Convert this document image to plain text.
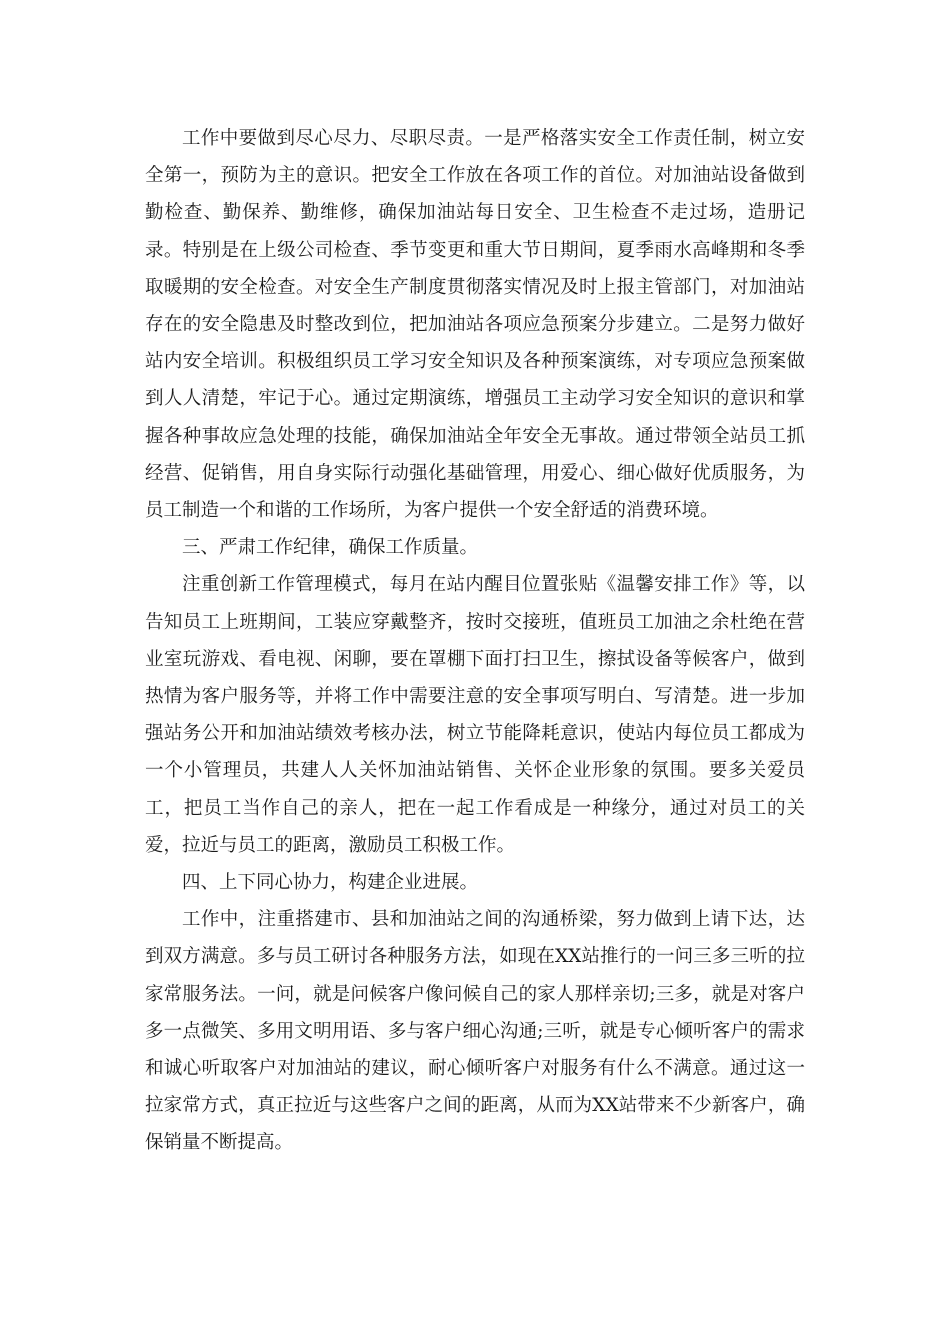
工作中要做到尽心尽力、尽职尽责。一是严格落实安全工作责任制，树立安全第一，预防为主的意识。把安全工作放在各项工作的首位。对加油站设备做到勤检查、勤保养、勤维修，确保加油站每日安全、卫生检查不走过场，造册记录。特别是在上级公司检查、季节变更和重大节日期间，夏季雨水高峰期和冬季取暖期的安全检查。对安全生产制度贯彻落实情况及时上报主管部门，对加油站存在的安全隐患及时整改到位，把加油站各项应急预案分步建立。二是努力做好站内安全培训。积极组织员工学习安全知识及各种预案演练，对专项应急预案做到人人清楚，牢记于心。通过定期演练，增强员工主动学习安全知识的意识和掌握各种事故应急处理的技能，确保加油站全年安全无事故。通过带领全站员工抓经营、促销售，用自身实际行动强化基础管理，用爱心、细心做好优质服务，为员工制造一个和谐的工作场所，为客户提供一个安全舒适的消费环境。

三、严肃工作纪律，确保工作质量。

注重创新工作管理模式，每月在站内醒目位置张贴《温馨安排工作》等，以告知员工上班期间，工装应穿戴整齐，按时交接班，值班员工加油之余杜绝在营业室玩游戏、看电视、闲聊，要在罩棚下面打扫卫生，擦拭设备等候客户，做到热情为客户服务等，并将工作中需要注意的安全事项写明白、写清楚。进一步加强站务公开和加油站绩效考核办法，树立节能降耗意识，使站内每位员工都成为一个小管理员，共建人人关怀加油站销售、关怀企业形象的氛围。要多关爱员工，把员工当作自己的亲人，把在一起工作看成是一种缘分，通过对员工的关爱，拉近与员工的距离，激励员工积极工作。

四、上下同心协力，构建企业进展。

工作中，注重搭建市、县和加油站之间的沟通桥梁，努力做到上请下达，达到双方满意。多与员工研讨各种服务方法，如现在XX站推行的一问三多三听的拉家常服务法。一问，就是问候客户像问候自己的家人那样亲切;三多，就是对客户多一点微笑、多用文明用语、多与客户细心沟通;三听，就是专心倾听客户的需求和诚心听取客户对加油站的建议，耐心倾听客户对服务有什么不满意。通过这一拉家常方式，真正拉近与这些客户之间的距离，从而为XX站带来不少新客户，确保销量不断提高。
